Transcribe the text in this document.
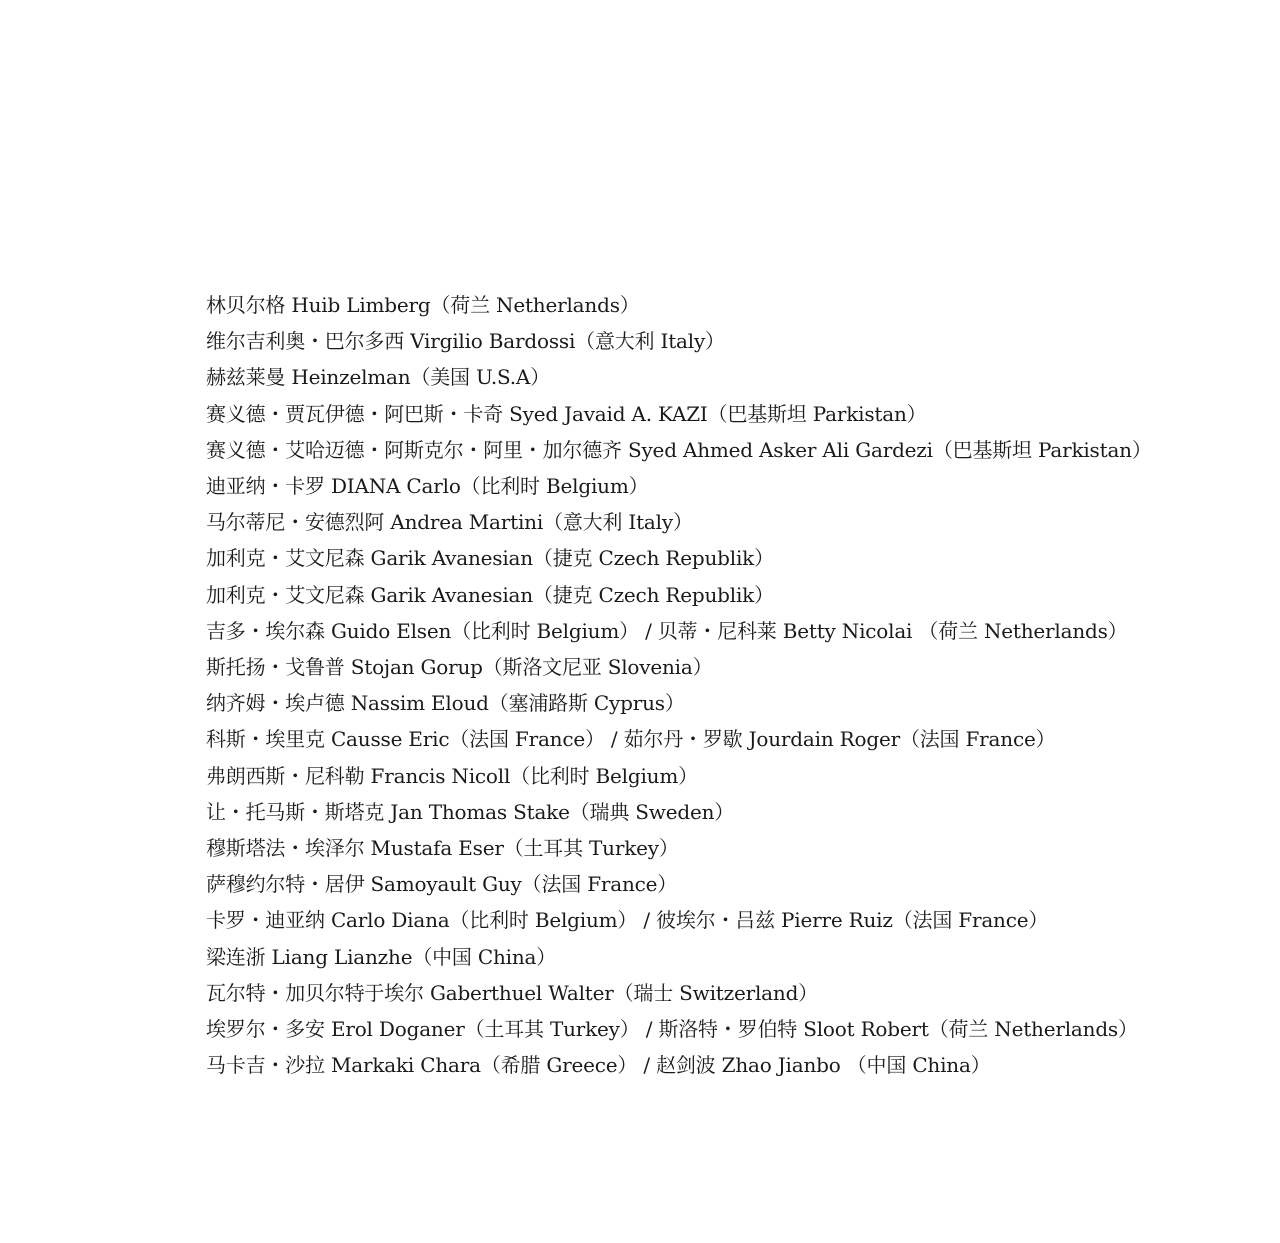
林贝尔格 Huib Limberg（荷兰 Netherlands）
维尔吉利奥・巴尔多西 Virgilio Bardossi（意大利 Italy）
赫兹莱曼 Heinzelman（美国 U.S.A）
赛义德・贾瓦伊德・阿巴斯・卡奇 Syed Javaid A. KAZI（巴基斯坦 Parkistan）
赛义德・艾哈迈德・阿斯克尔・阿里・加尔德齐 Syed Ahmed Asker Ali Gardezi（巴基斯坦 Parkistan）
迪亚纳・卡罗 DIANA Carlo（比利时 Belgium）
马尔蒂尼・安德烈阿 Andrea Martini（意大利 Italy）
加利克・艾文尼森 Garik Avanesian（捷克 Czech Republik）
加利克・艾文尼森 Garik Avanesian（捷克 Czech Republik）
吉多・埃尔森 Guido Elsen（比利时 Belgium） / 贝蒂・尼科莱 Betty Nicolai （荷兰 Netherlands）
斯托扬・戈鲁普 Stojan Gorup（斯洛文尼亚 Slovenia）
纳齐姆・埃卢德 Nassim Eloud（塞浦路斯 Cyprus）
科斯・埃里克 Causse Eric（法国 France） / 茹尔丹・罗歇 Jourdain Roger（法国 France）
弗朗西斯・尼科勒 Francis Nicoll（比利时 Belgium）
让・托马斯・斯塔克 Jan Thomas Stake（瑞典 Sweden）
穆斯塔法・埃泽尔 Mustafa Eser（土耳其 Turkey）
萨穆约尔特・居伊 Samoyault Guy（法国 France）
卡罗・迪亚纳 Carlo Diana（比利时 Belgium） / 彼埃尔・吕兹 Pierre Ruiz（法国 France）
梁连浙 Liang Lianzhe（中国 China）
瓦尔特・加贝尔特于埃尔 Gaberthuel Walter（瑞士 Switzerland）
埃罗尔・多安 Erol Doganer（土耳其 Turkey） / 斯洛特・罗伯特 Sloot Robert（荷兰 Netherlands）
马卡吉・沙拉 Markaki Chara（希腊 Greece） / 赵剑波 Zhao Jianbo （中国 China）
